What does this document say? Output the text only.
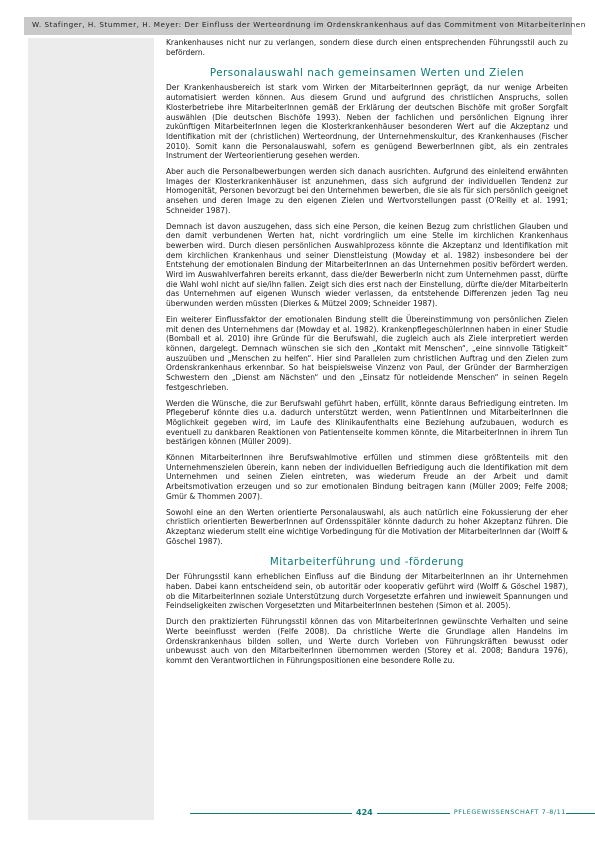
W. Stafinger, H. Stummer, H. Meyer: Der Einfluss der Werteordnung im Ordenskrankenhaus auf das Commitment von MitarbeiterInnen

Krankenhauses nicht nur zu verlangen, sondern diese durch einen entsprechenden Führungsstil auch zu befördern.

Personalauswahl nach gemeinsamen Werten und Zielen

Der Krankenhausbereich ist stark vom Wirken der MitarbeiterInnen geprägt, da nur wenige Arbeiten automatisiert werden können. Aus diesem Grund und aufgrund des christlichen Anspruchs, sollen Klosterbetriebe ihre MitarbeiterInnen gemäß der Erklärung der deutschen Bischöfe mit großer Sorgfalt auswählen (Die deutschen Bischöfe 1993). Neben der fachlichen und persönlichen Eignung ihrer zukünftigen MitarbeiterInnen legen die Klosterkrankenhäuser besonderen Wert auf die Akzeptanz und Identifikation mit der (christlichen) Werteordnung, der Unternehmenskultur, des Krankenhauses (Fischer 2010). Somit kann die Personalauswahl, sofern es genügend BewerberInnen gibt, als ein zentrales Instrument der Werteorientierung gesehen werden.

Aber auch die Personalbewerbungen werden sich danach ausrichten. Aufgrund des einleitend erwähnten Images der Klosterkrankenhäuser ist anzunehmen, dass sich aufgrund der individuellen Tendenz zur Homogenität, Personen bevorzugt bei den Unternehmen bewerben, die sie als für sich persönlich geeignet ansehen und deren Image zu den eigenen Zielen und Wertvorstellungen passt (O'Reilly et al. 1991; Schneider 1987).

Demnach ist davon auszugehen, dass sich eine Person, die keinen Bezug zum christlichen Glauben und den damit verbundenen Werten hat, nicht vordringlich um eine Stelle im kirchlichen Krankenhaus bewerben wird. Durch diesen persönlichen Auswahlprozess könnte die Akzeptanz und Identifikation mit dem kirchlichen Krankenhaus und seiner Dienstleistung (Mowday et al. 1982) insbesondere bei der Entstehung der emotionalen Bindung der MitarbeiterInnen an das Unternehmen positiv befördert werden. Wird im Auswahlverfahren bereits erkannt, dass die/der BewerberIn nicht zum Unternehmen passt, dürfte die Wahl wohl nicht auf sie/ihn fallen. Zeigt sich dies erst nach der Einstellung, dürfte die/der MitarbeiterIn das Unternehmen auf eigenen Wunsch wieder verlassen, da entstehende Differenzen jeden Tag neu überwunden werden müssten (Dierkes & Mützel 2009; Schneider 1987).

Ein weiterer Einflussfaktor der emotionalen Bindung stellt die Übereinstimmung von persönlichen Zielen mit denen des Unternehmens dar (Mowday et al. 1982). KrankenpflegeschülerInnen haben in einer Studie (Bomball et al. 2010) ihre Gründe für die Berufswahl, die zugleich auch als Ziele interpretiert werden können, dargelegt. Demnach wünschen sie sich den „Kontakt mit Menschen“, „eine sinnvolle Tätigkeit“ auszuüben und „Menschen zu helfen“. Hier sind Parallelen zum christlichen Auftrag und den Zielen zum Ordenskrankenhaus erkennbar. So hat beispielsweise Vinzenz von Paul, der Gründer der Barmherzigen Schwestern den „Dienst am Nächsten“ und den „Einsatz für notleidende Menschen“ in seinen Regeln festgeschrieben.

Werden die Wünsche, die zur Berufswahl geführt haben, erfüllt, könnte daraus Befriedigung eintreten. Im Pflegeberuf könnte dies u.a. dadurch unterstützt werden, wenn PatientInnen und MitarbeiterInnen die Möglichkeit gegeben wird, im Laufe des Klinikaufenthalts eine Beziehung aufzubauen, wodurch es eventuell zu dankbaren Reaktionen von Patientenseite kommen könnte, die MitarbeiterInnen in ihrem Tun bestärigen können (Müller 2009).

Können MitarbeiterInnen ihre Berufswahlmotive erfüllen und stimmen diese größtenteils mit den Unternehmenszielen überein, kann neben der individuellen Befriedigung auch die Identifikation mit dem Unternehmen und seinen Zielen eintreten, was wiederum Freude an der Arbeit und damit Arbeitsmotivation erzeugen und so zur emotionalen Bindung beitragen kann (Müller 2009; Felfe 2008; Gmür & Thommen 2007).

Sowohl eine an den Werten orientierte Personalauswahl, als auch natürlich eine Fokussierung der eher christlich orientierten BewerberInnen auf Ordensspitäler könnte dadurch zu hoher Akzeptanz führen. Die Akzeptanz wiederum stellt eine wichtige Vorbedingung für die Motivation der MitarbeiterInnen dar (Wolff & Göschel 1987).

Mitarbeiterführung und -förderung

Der Führungsstil kann erheblichen Einfluss auf die Bindung der MitarbeiterInnen an ihr Unternehmen haben. Dabei kann entscheidend sein, ob autoritär oder kooperativ geführt wird (Wolff & Göschel 1987), ob die MitarbeiterInnen soziale Unterstützung durch Vorgesetzte erfahren und inwieweit Spannungen und Feindseligkeiten zwischen Vorgesetzten und MitarbeiterInnen bestehen (Simon et al. 2005).

Durch den praktizierten Führungsstil können das von MitarbeiterInnen gewünschte Verhalten und seine Werte beeinflusst werden (Felfe 2008). Da christliche Werte die Grundlage allen Handelns im Ordenskrankenhaus bilden sollen, und Werte durch Vorleben von Führungskräften bewusst oder unbewusst auch von den MitarbeiterInnen übernommen werden (Storey et al. 2008; Bandura 1976), kommt den Verantwortlichen in Führungspositionen eine besondere Rolle zu.

424	PFLEGEWISSENSCHAFT 7-8/11
